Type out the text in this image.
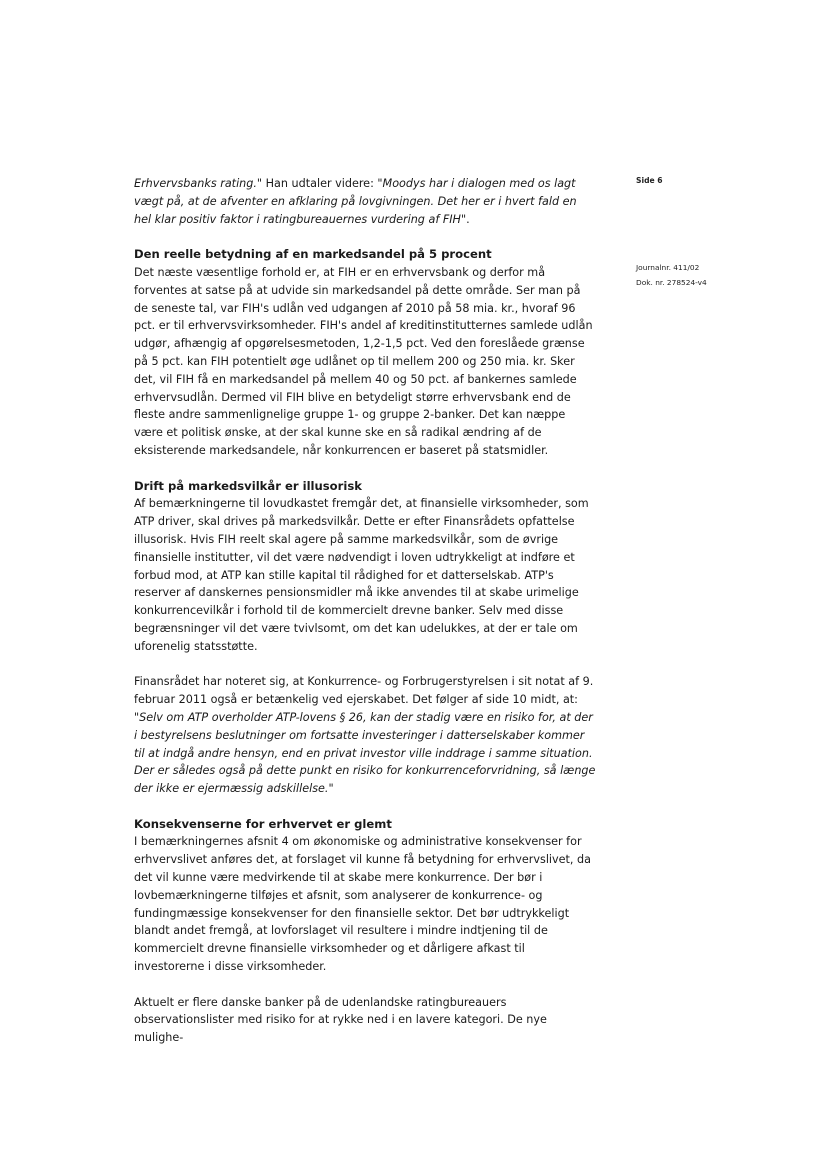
Side 6
Journalnr. 411/02
Dok. nr. 278524-v4

Erhvervsbanks rating." Han udtaler videre: "Moodys har i dialogen med os lagt vægt på, at de afventer en afklaring på lovgivningen. Det her er i hvert fald en hel klar positiv faktor i ratingbureauernes vurdering af FIH".

Den reelle betydning af en markedsandel på 5 procent

Det næste væsentlige forhold er, at FIH er en erhvervsbank og derfor må forventes at satse på at udvide sin markedsandel på dette område. Ser man på de seneste tal, var FIH's udlån ved udgangen af 2010 på 58 mia. kr., hvoraf 96 pct. er til erhvervsvirksomheder. FIH's andel af kreditinstitutternes samlede udlån udgør, afhængig af opgørelsesmetoden, 1,2-1,5 pct. Ved den foreslåede grænse på 5 pct. kan FIH potentielt øge udlånet op til mellem 200 og 250 mia. kr. Sker det, vil FIH få en markedsandel på mellem 40 og 50 pct. af bankernes samlede erhvervsudlån. Dermed vil FIH blive en betydeligt større erhvervsbank end de fleste andre sammenlignelige gruppe 1- og gruppe 2-banker. Det kan næppe være et politisk ønske, at der skal kunne ske en så radikal ændring af de eksisterende markedsandele, når konkurrencen er baseret på statsmidler.

Drift på markedsvilkår er illusorisk

Af bemærkningerne til lovudkastet fremgår det, at finansielle virksomheder, som ATP driver, skal drives på markedsvilkår. Dette er efter Finansrådets opfattelse illusorisk. Hvis FIH reelt skal agere på samme markedsvilkår, som de øvrige finansielle institutter, vil det være nødvendigt i loven udtrykkeligt at indføre et forbud mod, at ATP kan stille kapital til rådighed for et datterselskab. ATP's reserver af danskernes pensionsmidler må ikke anvendes til at skabe urimelige konkurrencevilkår i forhold til de kommercielt drevne banker. Selv med disse begrænsninger vil det være tvivlsomt, om det kan udelukkes, at der er tale om uforenelig statsstøtte.

Finansrådet har noteret sig, at Konkurrence- og Forbrugerstyrelsen i sit notat af 9. februar 2011 også er betænkelig ved ejerskabet. Det følger af side 10 midt, at: "Selv om ATP overholder ATP-lovens § 26, kan der stadig være en risiko for, at der i bestyrelsens beslutninger om fortsatte investeringer i datterselskaber kommer til at indgå andre hensyn, end en privat investor ville inddrage i samme situation. Der er således også på dette punkt en risiko for konkurrenceforvridning, så længe der ikke er ejermæssig adskillelse."

Konsekvenserne for erhvervet er glemt

I bemærkningernes afsnit 4 om økonomiske og administrative konsekvenser for erhvervslivet anføres det, at forslaget vil kunne få betydning for erhvervslivet, da det vil kunne være medvirkende til at skabe mere konkurrence. Der bør i lovbemærkningerne tilføjes et afsnit, som analyserer de konkurrence- og fundingmæssige konsekvenser for den finansielle sektor. Det bør udtrykkeligt blandt andet fremgå, at lovforslaget vil resultere i mindre indtjening til de kommercielt drevne finansielle virksomheder og et dårligere afkast til investorerne i disse virksomheder.

Aktuelt er flere danske banker på de udenlandske ratingbureauers observationslister med risiko for at rykke ned i en lavere kategori. De nye mulighe-
